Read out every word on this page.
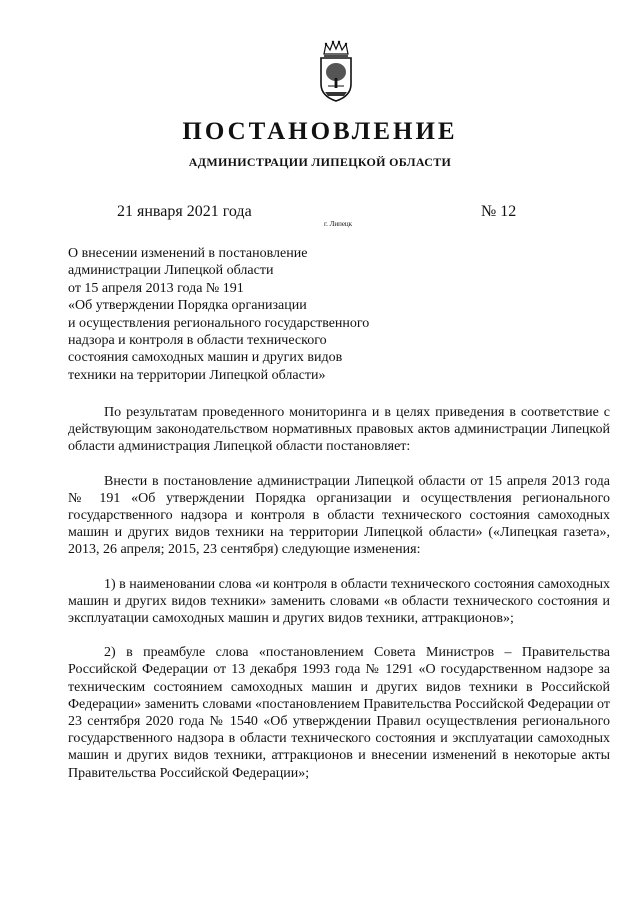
ПОСТАНОВЛЕНИЕ
АДМИНИСТРАЦИИ ЛИПЕЦКОЙ ОБЛАСТИ
21 января 2021 года	№ 12
г. Липецк
О внесении изменений в постановление
администрации Липецкой области
от 15 апреля 2013 года № 191
«Об утверждении Порядка организации
и осуществления регионального государственного
надзора и контроля в области технического
состояния самоходных машин и других видов
техники на территории Липецкой области»

По результатам проведенного мониторинга и в целях приведения в соответствие с действующим законодательством нормативных правовых актов администрации Липецкой области администрация Липецкой области постановляет:

Внести в постановление администрации Липецкой области от 15 апреля 2013 года № 191 «Об утверждении Порядка организации и осуществления регионального государственного надзора и контроля в области технического состояния самоходных машин и других видов техники на территории Липецкой области» («Липецкая газета», 2013, 26 апреля; 2015, 23 сентября) следующие изменения:

1) в наименовании слова «и контроля в области технического состояния самоходных машин и других видов техники» заменить словами «в области технического состояния и эксплуатации самоходных машин и других видов техники, аттракционов»;

2) в преамбуле слова «постановлением Совета Министров – Правительства Российской Федерации от 13 декабря 1993 года № 1291 «О государственном надзоре за техническим состоянием самоходных машин и других видов техники в Российской Федерации» заменить словами «постановлением Правительства Российской Федерации от 23 сентября 2020 года № 1540 «Об утверждении Правил осуществления регионального государственного надзора в области технического состояния и эксплуатации самоходных машин и других видов техники, аттракционов и внесении изменений в некоторые акты Правительства Российской Федерации»;
